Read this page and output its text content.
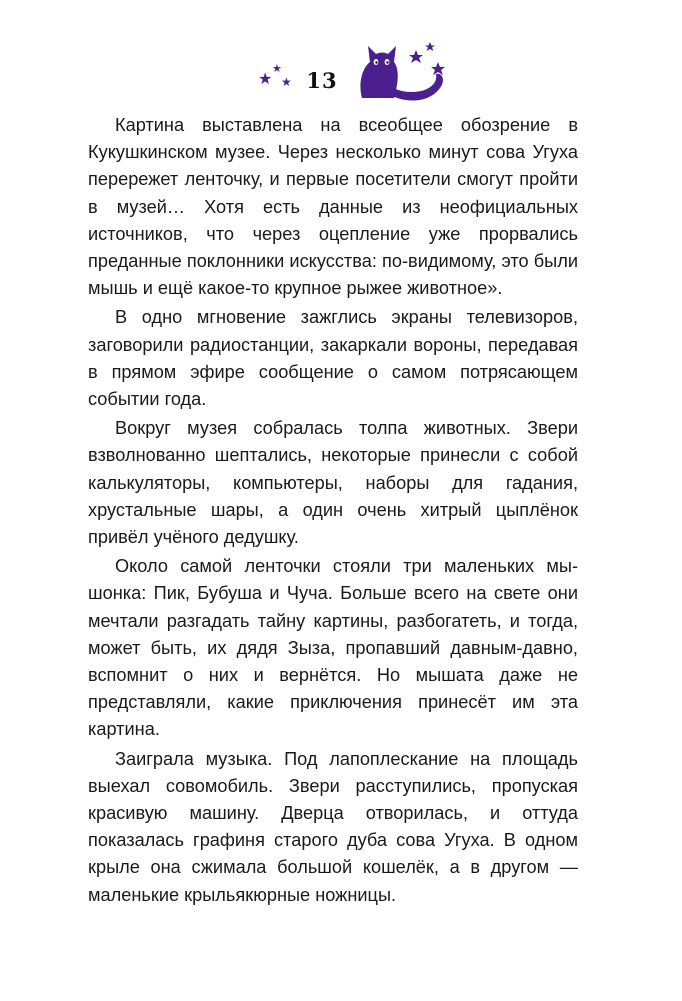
★
★
★ 13

Картина выставлена на всеобщее обозрение в Кукушкинском музее. Через несколько минут сова Угуха перережет ленточку, и первые посетители смогут пройти в музей… Хотя есть данные из неофициальных источников, что через оцепление уже прорвались преданные поклонники искусства: по-видимому, это были мышь и ещё какое-то крупное рыжее животное».

В одно мгновение зажглись экраны телевизоров, заговорили радиостанции, закаркали вороны, передавая в прямом эфире сообщение о самом потрясающем событии года.

Вокруг музея собралась толпа животных. Звери взволнованно шептались, некоторые принесли с собой калькуляторы, компьютеры, наборы для гадания, хрустальные шары, а один очень хитрый цыплёнок привёл учёного дедушку.

Около самой ленточки стояли три маленьких мышонка: Пик, Бубуша и Чуча. Больше всего на свете они мечтали разгадать тайну картины, разбогатеть, и тогда, может быть, их дядя Зыза, пропавший давным-давно, вспомнит о них и вернётся. Но мышата даже не представляли, какие приключения принесёт им эта картина.

Заиграла музыка. Под лапоплескание на площадь выехал совомобиль. Звери расступились, пропуская красивую машину. Дверца отворилась, и оттуда показалась графиня старого дуба сова Угуха. В одном крыле она сжимала большой кошелёк, а в другом — маленькие крыльякюрные ножницы.
